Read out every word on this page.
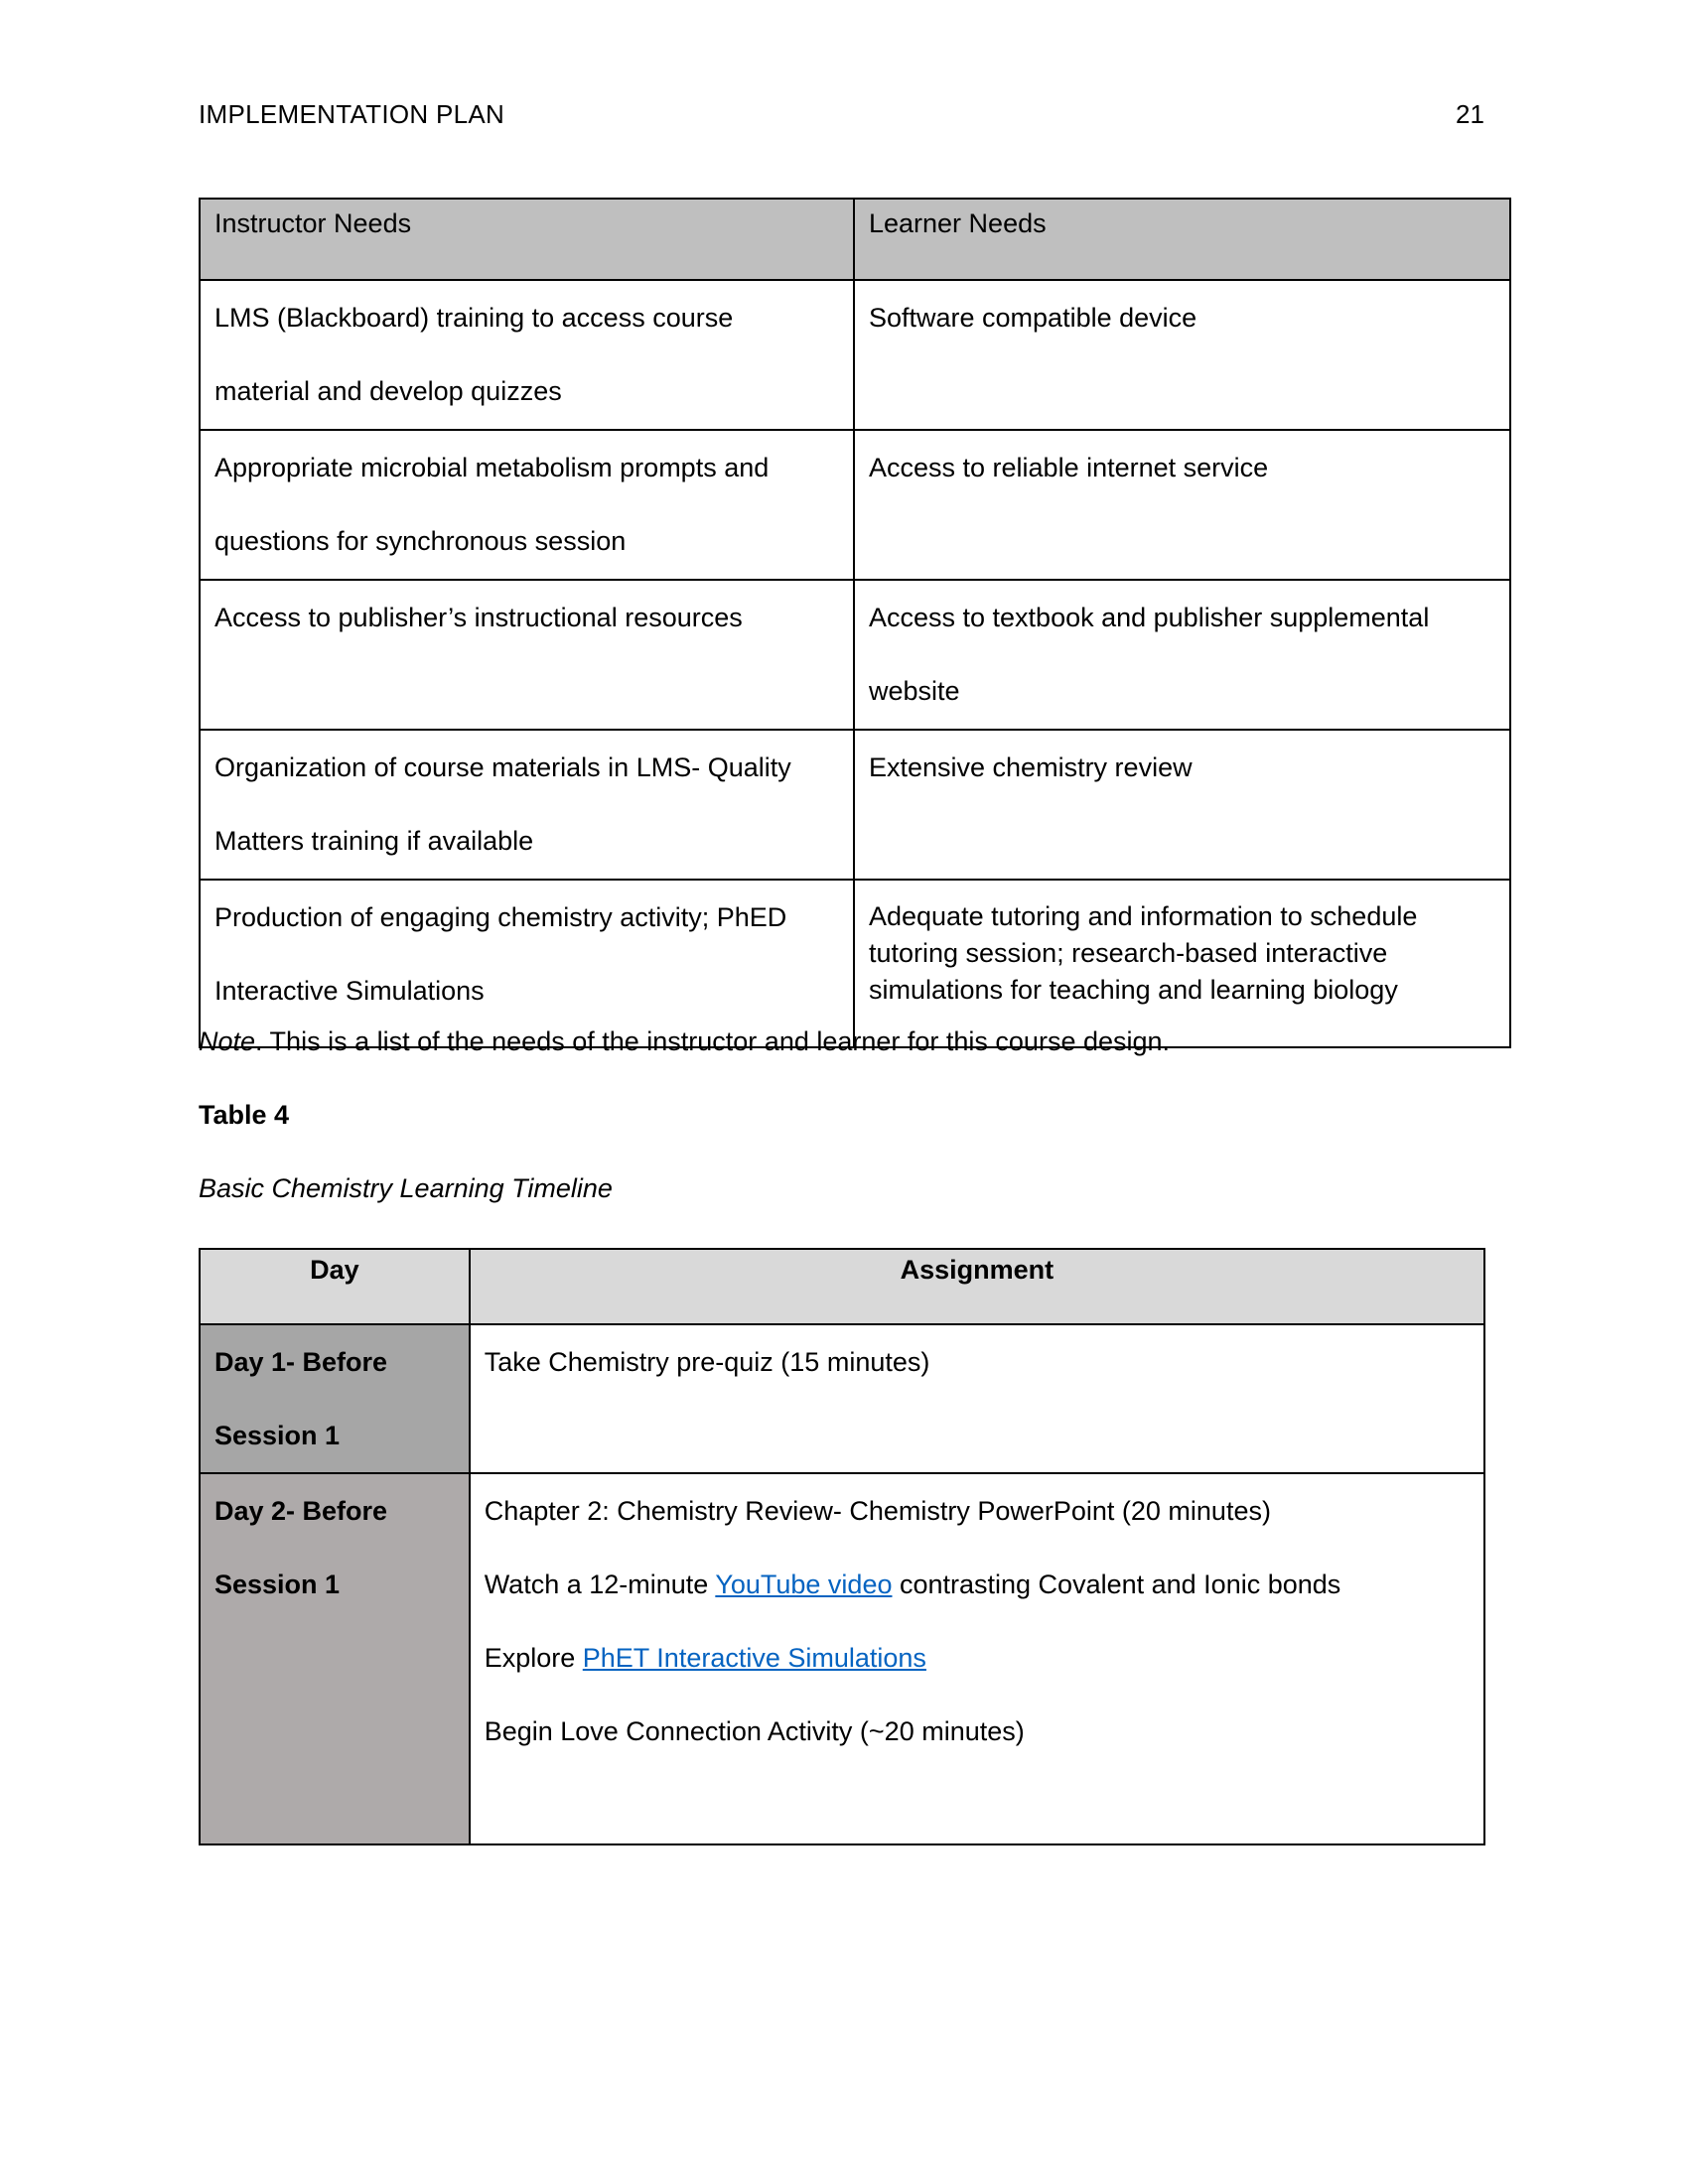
IMPLEMENTATION PLAN	21
Instructor Needs	Learner Needs

LMS (Blackboard) training to access course
material and develop quizzes	Software compatible device

Appropriate microbial metabolism prompts and
questions for synchronous session	Access to reliable internet service

Access to publisher’s instructional resources	Access to textbook and publisher supplemental
website

Organization of course materials in LMS- Quality
Matters training if available	Extensive chemistry review

Production of engaging chemistry activity; PhED
Interactive Simulations	Adequate tutoring and information to schedule
tutoring session; research-based interactive
simulations for teaching and learning biology
Note. This is a list of the needs of the instructor and learner for this course design.
Table 4
Basic Chemistry Learning Timeline
Day	Assignment

Day 1- Before
Session 1	Take Chemistry pre-quiz (15 minutes)

Day 2- Before
Session 1	Chapter 2: Chemistry Review- Chemistry PowerPoint (20 minutes)
Watch a 12-minute YouTube video contrasting Covalent and Ionic bonds
Explore PhET Interactive Simulations
Begin Love Connection Activity (~20 minutes)
